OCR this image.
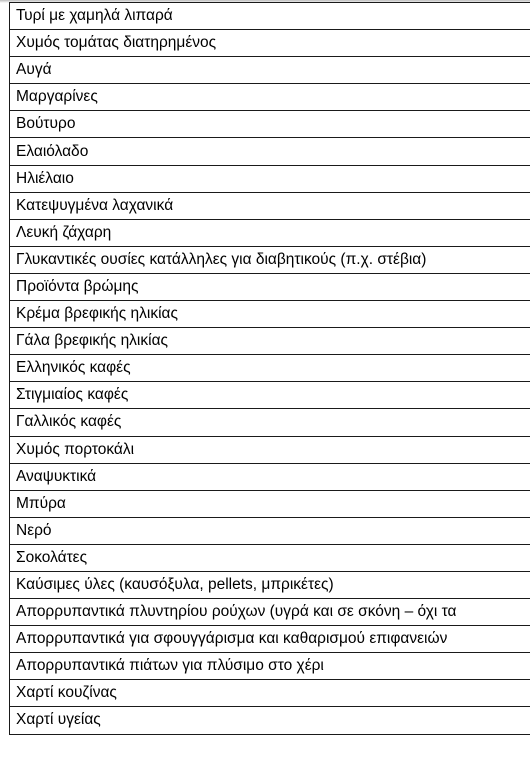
Τυρί με χαμηλά λιπαρά
Χυμός τομάτας διατηρημένος
Αυγά
Μαργαρίνες
Βούτυρο
Ελαιόλαδο
Ηλιέλαιο
Κατεψυγμένα λαχανικά
Λευκή ζάχαρη
Γλυκαντικές ουσίες κατάλληλες για διαβητικούς (π.χ. στέβια)
Προϊόντα βρώμης
Κρέμα βρεφικής ηλικίας
Γάλα βρεφικής ηλικίας
Ελληνικός καφές
Στιγμιαίος καφές
Γαλλικός καφές
Χυμός πορτοκάλι
Αναψυκτικά
Μπύρα
Νερό
Σοκολάτες
Καύσιμες ύλες (καυσόξυλα, pellets, μπρικέτες)
Απορρυπαντικά πλυντηρίου ρούχων (υγρά και σε σκόνη – όχι τα
Απορρυπαντικά για σφουγγάρισμα και καθαρισμού επιφανειών
Απορρυπαντικά πιάτων για πλύσιμο στο χέρι
Χαρτί κουζίνας
Χαρτί υγείας
